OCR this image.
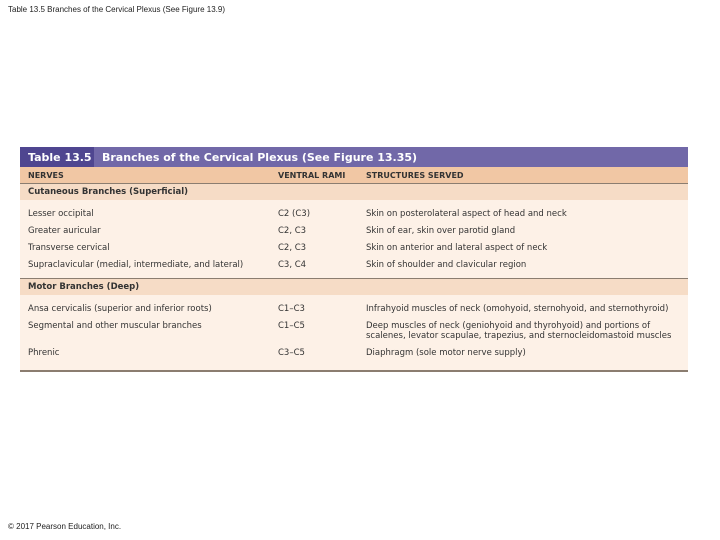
Table 13.5 Branches of the Cervical Plexus (See Figure 13.9)
Table 13.5 Branches of the Cervical Plexus (See Figure 13.35)
NERVES	VENTRAL RAMI	STRUCTURES SERVED
Cutaneous Branches (Superficial)
Lesser occipital	C2 (C3)	Skin on posterolateral aspect of head and neck
Greater auricular	C2, C3	Skin of ear, skin over parotid gland
Transverse cervical	C2, C3	Skin on anterior and lateral aspect of neck
Supraclavicular (medial, intermediate, and lateral)	C3, C4	Skin of shoulder and clavicular region
Motor Branches (Deep)
Ansa cervicalis (superior and inferior roots)	C1–C3	Infrahyoid muscles of neck (omohyoid, sternohyoid, and sternothyroid)
Segmental and other muscular branches	C1–C5	Deep muscles of neck (geniohyoid and thyrohyoid) and portions of scalenes, levator scapulae, trapezius, and sternocleidomastoid muscles
Phrenic	C3–C5	Diaphragm (sole motor nerve supply)
© 2017 Pearson Education, Inc.
